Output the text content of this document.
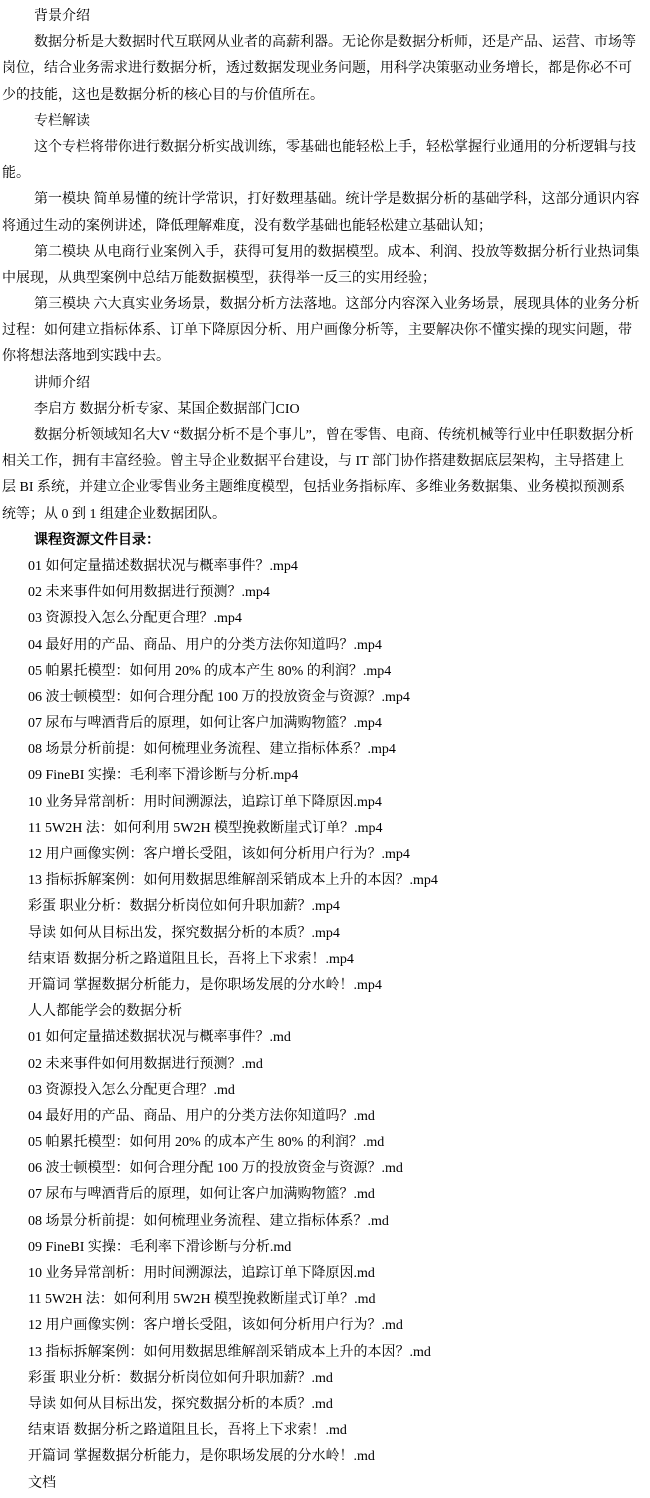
背景介绍
数据分析是大数据时代互联网从业者的高薪利器。无论你是数据分析师，还是产品、运营、市场等
岗位，结合业务需求进行数据分析，透过数据发现业务问题，用科学决策驱动业务增长，都是你必不可
少的技能，这也是数据分析的核心目的与价值所在。
专栏解读
这个专栏将带你进行数据分析实战训练，零基础也能轻松上手，轻松掌握行业通用的分析逻辑与技
能。
第一模块 简单易懂的统计学常识，打好数理基础。统计学是数据分析的基础学科，这部分通识内容
将通过生动的案例讲述，降低理解难度，没有数学基础也能轻松建立基础认知；
第二模块 从电商行业案例入手，获得可复用的数据模型。成本、利润、投放等数据分析行业热词集
中展现，从典型案例中总结万能数据模型，获得举一反三的实用经验；
第三模块 六大真实业务场景，数据分析方法落地。这部分内容深入业务场景，展现具体的业务分析
过程：如何建立指标体系、订单下降原因分析、用户画像分析等，主要解决你不懂实操的现实问题，带
你将想法落地到实践中去。
讲师介绍
李启方 数据分析专家、某国企数据部门CIO
数据分析领域知名大V “数据分析不是个事儿”，曾在零售、电商、传统机械等行业中任职数据分析
相关工作，拥有丰富经验。曾主导企业数据平台建设，与 IT 部门协作搭建数据底层架构，主导搭建上
层 BI 系统，并建立企业零售业务主题维度模型，包括业务指标库、多维业务数据集、业务模拟预测系
统等；从 0 到 1 组建企业数据团队。
课程资源文件目录：
01 如何定量描述数据状况与概率事件？.mp4
02 未来事件如何用数据进行预测？.mp4
03 资源投入怎么分配更合理？.mp4
04 最好用的产品、商品、用户的分类方法你知道吗？.mp4
05 帕累托模型：如何用 20% 的成本产生 80% 的利润？.mp4
06 波士顿模型：如何合理分配 100 万的投放资金与资源？.mp4
07 尿布与啤酒背后的原理，如何让客户加满购物篮？.mp4
08 场景分析前提：如何梳理业务流程、建立指标体系？.mp4
09 FineBI 实操：毛利率下滑诊断与分析.mp4
10 业务异常剖析：用时间溯源法，追踪订单下降原因.mp4
11 5W2H 法：如何利用 5W2H 模型挽救断崖式订单？.mp4
12 用户画像实例：客户增长受阻，该如何分析用户行为？.mp4
13 指标拆解案例：如何用数据思维解剖采销成本上升的本因？.mp4
彩蛋 职业分析：数据分析岗位如何升职加薪？.mp4
导读 如何从目标出发，探究数据分析的本质？.mp4
结束语 数据分析之路道阻且长，吾将上下求索！.mp4
开篇词 掌握数据分析能力，是你职场发展的分水岭！.mp4
人人都能学会的数据分析
01 如何定量描述数据状况与概率事件？.md
02 未来事件如何用数据进行预测？.md
03 资源投入怎么分配更合理？.md
04 最好用的产品、商品、用户的分类方法你知道吗？.md
05 帕累托模型：如何用 20% 的成本产生 80% 的利润？.md
06 波士顿模型：如何合理分配 100 万的投放资金与资源？.md
07 尿布与啤酒背后的原理，如何让客户加满购物篮？.md
08 场景分析前提：如何梳理业务流程、建立指标体系？.md
09 FineBI 实操：毛利率下滑诊断与分析.md
10 业务异常剖析：用时间溯源法，追踪订单下降原因.md
11 5W2H 法：如何利用 5W2H 模型挽救断崖式订单？.md
12 用户画像实例：客户增长受阻，该如何分析用户行为？.md
13 指标拆解案例：如何用数据思维解剖采销成本上升的本因？.md
彩蛋 职业分析：数据分析岗位如何升职加薪？.md
导读 如何从目标出发，探究数据分析的本质？.md
结束语 数据分析之路道阻且长，吾将上下求索！.md
开篇词 掌握数据分析能力，是你职场发展的分水岭！.md
文档
